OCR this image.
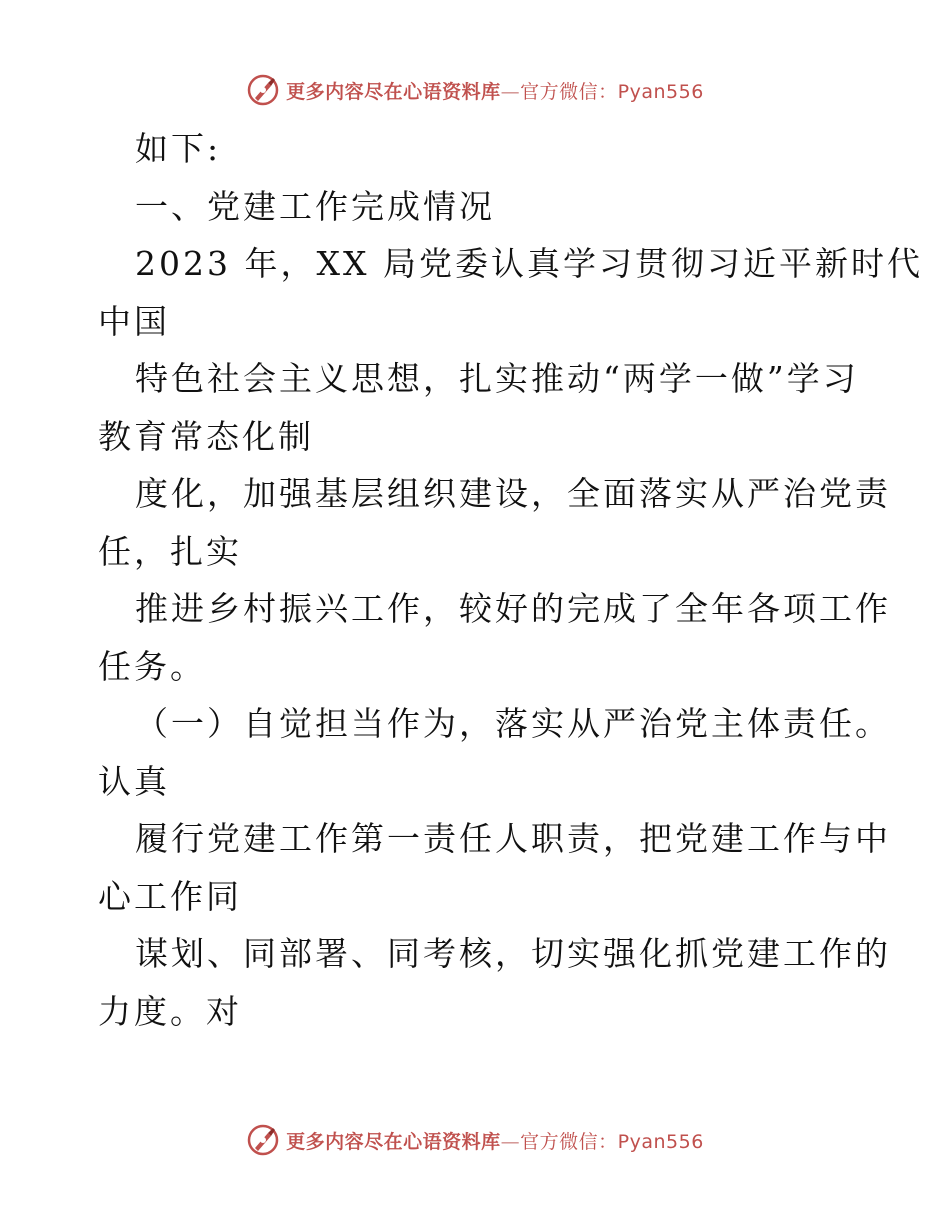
更多内容尽在心语资料库—官方微信：Pyan556
如下:
一、党建工作完成情况
2023 年，XX 局党委认真学习贯彻习近平新时代
中国
特色社会主义思想，扎实推动“两学一做”学习
教育常态化制
度化，加强基层组织建设，全面落实从严治党责
任，扎实
推进乡村振兴工作，较好的完成了全年各项工作
任务。
（一）自觉担当作为，落实从严治党主体责任。
认真
履行党建工作第一责任人职责，把党建工作与中
心工作同
谋划、同部署、同考核，切实强化抓党建工作的
力度。对
更多内容尽在心语资料库—官方微信：Pyan556
